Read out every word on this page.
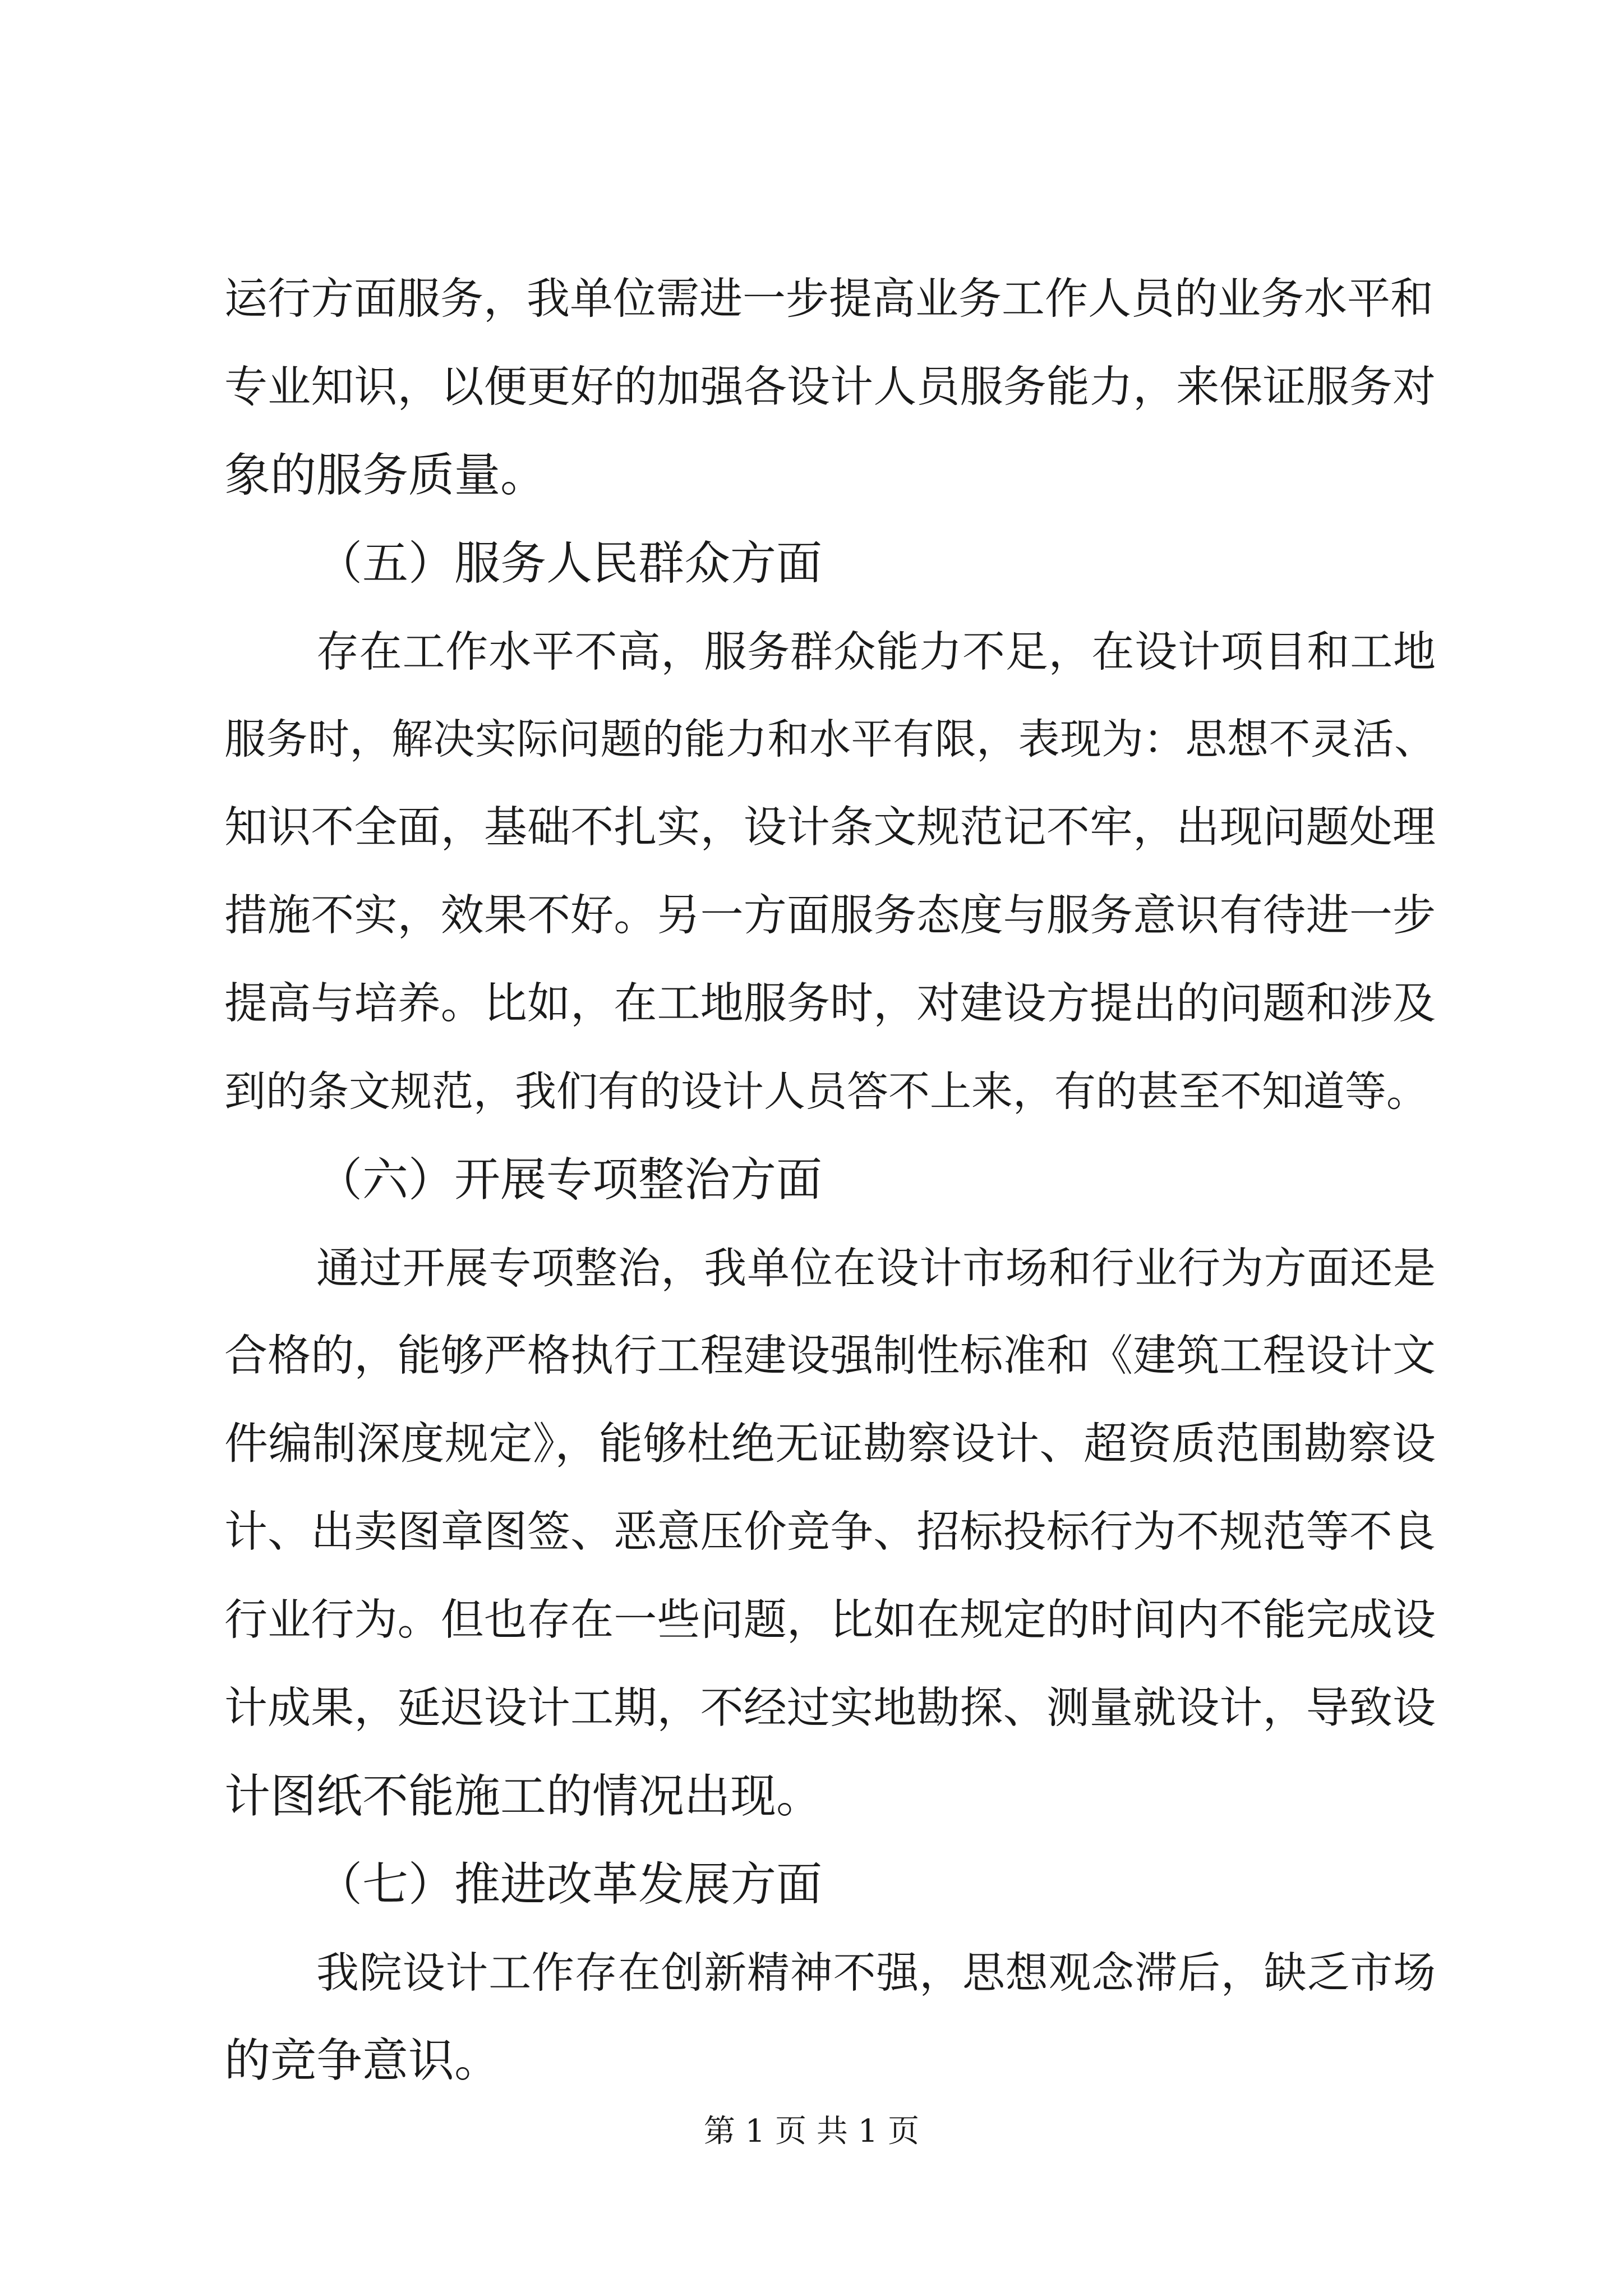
运行方面服务，我单位需进一步提高业务工作人员的业务水平和
专业知识，以便更好的加强各设计人员服务能力，来保证服务对
象的服务质量。
（五）服务人民群众方面
存在工作水平不高，服务群众能力不足，在设计项目和工地
服务时，解决实际问题的能力和水平有限，表现为：思想不灵活、
知识不全面，基础不扎实，设计条文规范记不牢，出现问题处理
措施不实，效果不好。另一方面服务态度与服务意识有待进一步
提高与培养。比如，在工地服务时，对建设方提出的问题和涉及
到的条文规范，我们有的设计人员答不上来，有的甚至不知道等。
（六）开展专项整治方面
通过开展专项整治，我单位在设计市场和行业行为方面还是
合格的，能够严格执行工程建设强制性标准和《建筑工程设计文
件编制深度规定》，能够杜绝无证勘察设计、超资质范围勘察设
计、出卖图章图签、恶意压价竞争、招标投标行为不规范等不良
行业行为。但也存在一些问题，比如在规定的时间内不能完成设
计成果，延迟设计工期，不经过实地勘探、测量就设计，导致设
计图纸不能施工的情况出现。
（七）推进改革发展方面
我院设计工作存在创新精神不强，思想观念滞后，缺乏市场
的竞争意识。
第 1 页 共 1 页
